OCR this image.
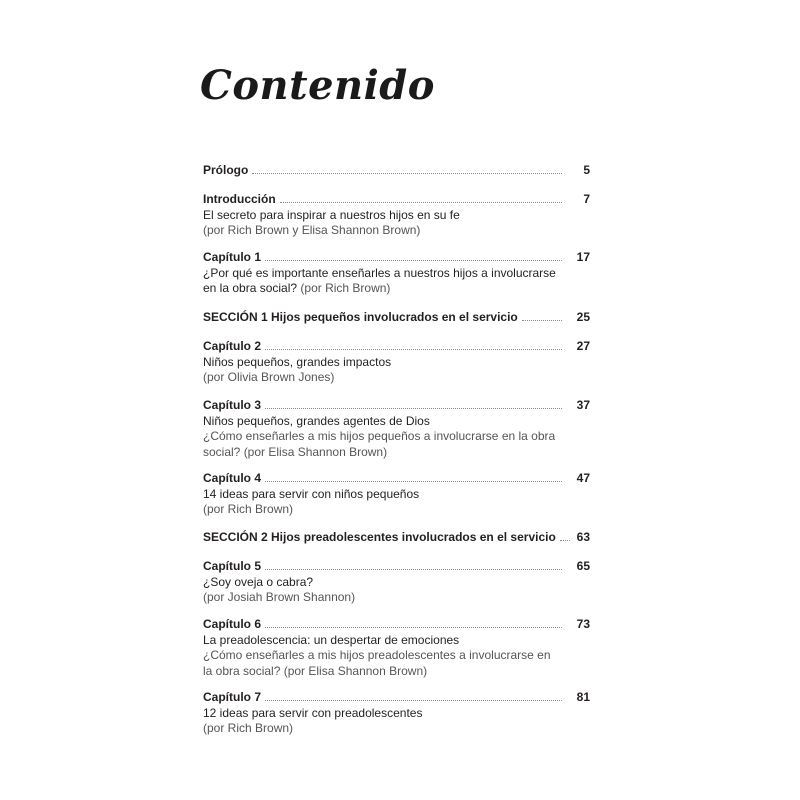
Contenido
Prólogo	5
Introducción	7
El secreto para inspirar a nuestros hijos en su fe
(por Rich Brown y Elisa Shannon Brown)
Capítulo 1	17
¿Por qué es importante enseñarles a nuestros hijos a involucrarse en la obra social? (por Rich Brown)
SECCIÓN 1 Hijos pequeños involucrados en el servicio	25
Capítulo 2	27
Niños pequeños, grandes impactos
(por Olivia Brown Jones)
Capítulo 3	37
Niños pequeños, grandes agentes de Dios
¿Cómo enseñarles a mis hijos pequeños a involucrarse en la obra social? (por Elisa Shannon Brown)
Capítulo 4	47
14 ideas para servir con niños pequeños
(por Rich Brown)
SECCIÓN 2 Hijos preadolescentes involucrados en el servicio 63
Capítulo 5	65
¿Soy oveja o cabra?
(por Josiah Brown Shannon)
Capítulo 6	73
La preadolescencia: un despertar de emociones
¿Cómo enseñarles a mis hijos preadolescentes a involucrarse en la obra social? (por Elisa Shannon Brown)
Capítulo 7	81
12 ideas para servir con preadolescentes
(por Rich Brown)
